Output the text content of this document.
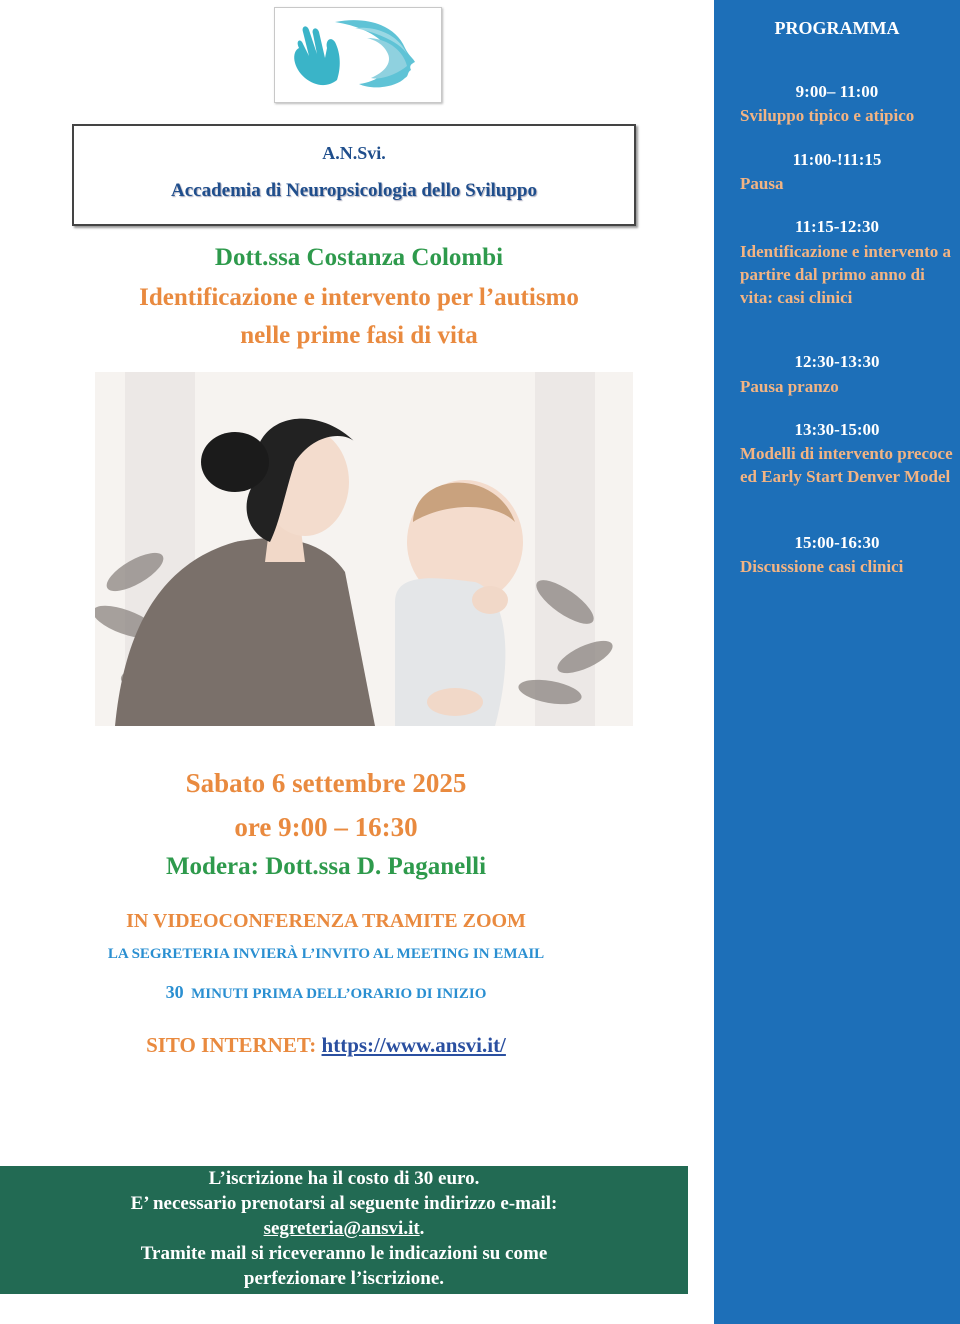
A.N.Svi.
Accademia di Neuropsicologia dello Sviluppo
Dott.ssa Costanza Colombi
Identificazione e intervento per l’autismo
nelle prime fasi di vita
Sabato 6 settembre 2025
ore 9:00 – 16:30
Modera: Dott.ssa D. Paganelli
IN VIDEOCONFERENZA TRAMITE ZOOM
LA SEGRETERIA INVIERÀ L’INVITO AL MEETING IN EMAIL
30 MINUTI PRIMA DELL’ORARIO DI INIZIO
SITO INTERNET: https://www.ansvi.it/
L’iscrizione ha il costo di 30 euro.
E’ necessario prenotarsi al seguente indirizzo e-mail:
segreteria@ansvi.it.
Tramite mail si riceveranno le indicazioni su come
perfezionare l’iscrizione.
PROGRAMMA
9:00– 11:00
Sviluppo tipico e atipico
11:00-!11:15
Pausa
11:15-12:30
Identificazione e intervento a partire dal primo anno di vita: casi clinici
12:30-13:30
Pausa pranzo
13:30-15:00
Modelli di intervento precoce ed Early Start Denver Model
15:00-16:30
Discussione casi clinici
